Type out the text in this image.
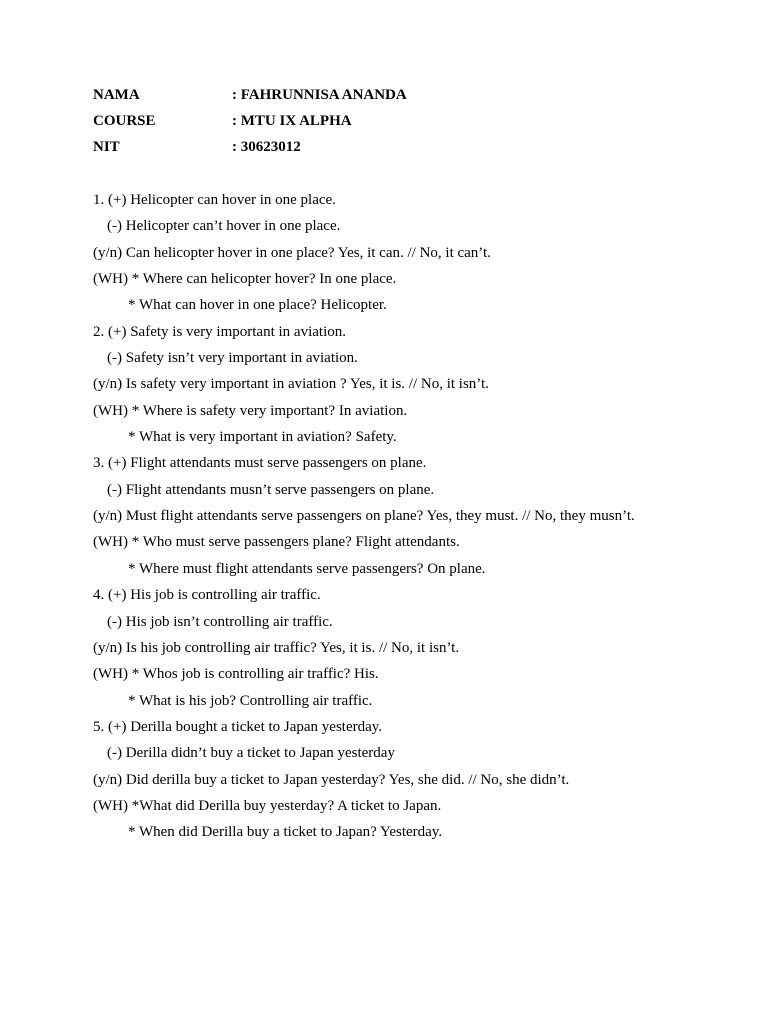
NAMA	: FAHRUNNISA ANANDA
COURSE	: MTU IX ALPHA
NIT	: 30623012
1. (+) Helicopter can hover in one place.
(-) Helicopter can’t hover in one place.
(y/n) Can helicopter hover in one place? Yes, it can. // No, it can’t.
(WH) * Where can helicopter hover? In one place.
* What can hover in one place? Helicopter.
2. (+) Safety is very important in aviation.
(-) Safety isn’t very important in aviation.
(y/n) Is safety very important in aviation ? Yes, it is. // No, it isn’t.
(WH) * Where is safety very important? In aviation.
* What is very important in aviation? Safety.
3. (+) Flight attendants must serve passengers on plane.
(-) Flight attendants musn’t serve passengers on plane.
(y/n) Must flight attendants serve passengers on plane? Yes, they must. // No, they musn’t.
(WH) * Who must serve passengers plane? Flight attendants.
* Where must flight attendants serve passengers? On plane.
4. (+) His job is controlling air traffic.
(-) His job isn’t controlling air traffic.
(y/n) Is his job controlling air traffic? Yes, it is. // No, it isn’t.
(WH) * Whos job is controlling air traffic? His.
* What is his job? Controlling air traffic.
5. (+) Derilla bought a ticket to Japan yesterday.
(-) Derilla didn’t buy a ticket to Japan yesterday
(y/n) Did derilla buy a ticket to Japan yesterday? Yes, she did. // No, she didn’t.
(WH) *What did Derilla buy yesterday? A ticket to Japan.
* When did Derilla buy a ticket to Japan? Yesterday.
